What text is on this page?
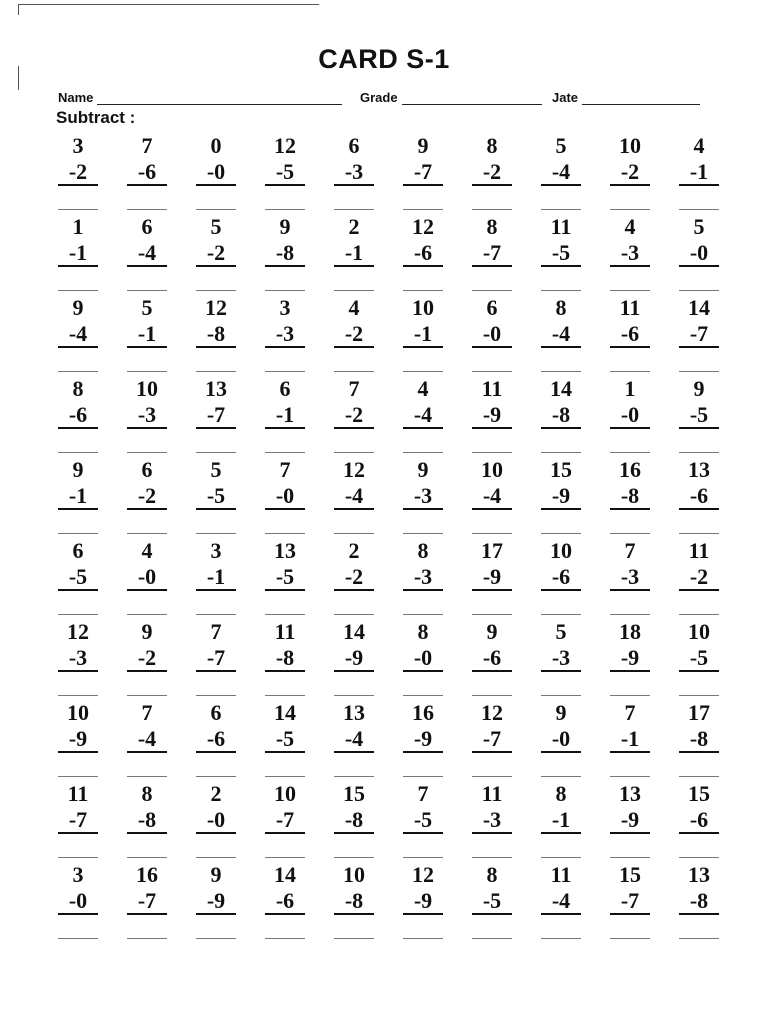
CARD S-1
Name	Grade	Jate
Subtract :
3
-2
7
-6
0
-0
12
-5
6
-3
9
-7
8
-2
5
-4
10
-2
4
-1
1
-1
6
-4
5
-2
9
-8
2
-1
12
-6
8
-7
11
-5
4
-3
5
-0
9
-4
5
-1
12
-8
3
-3
4
-2
10
-1
6
-0
8
-4
11
-6
14
-7
8
-6
10
-3
13
-7
6
-1
7
-2
4
-4
11
-9
14
-8
1
-0
9
-5
9
-1
6
-2
5
-5
7
-0
12
-4
9
-3
10
-4
15
-9
16
-8
13
-6
6
-5
4
-0
3
-1
13
-5
2
-2
8
-3
17
-9
10
-6
7
-3
11
-2
12
-3
9
-2
7
-7
11
-8
14
-9
8
-0
9
-6
5
-3
18
-9
10
-5
10
-9
7
-4
6
-6
14
-5
13
-4
16
-9
12
-7
9
-0
7
-1
17
-8
11
-7
8
-8
2
-0
10
-7
15
-8
7
-5
11
-3
8
-1
13
-9
15
-6
3
-0
16
-7
9
-9
14
-6
10
-8
12
-9
8
-5
11
-4
15
-7
13
-8
